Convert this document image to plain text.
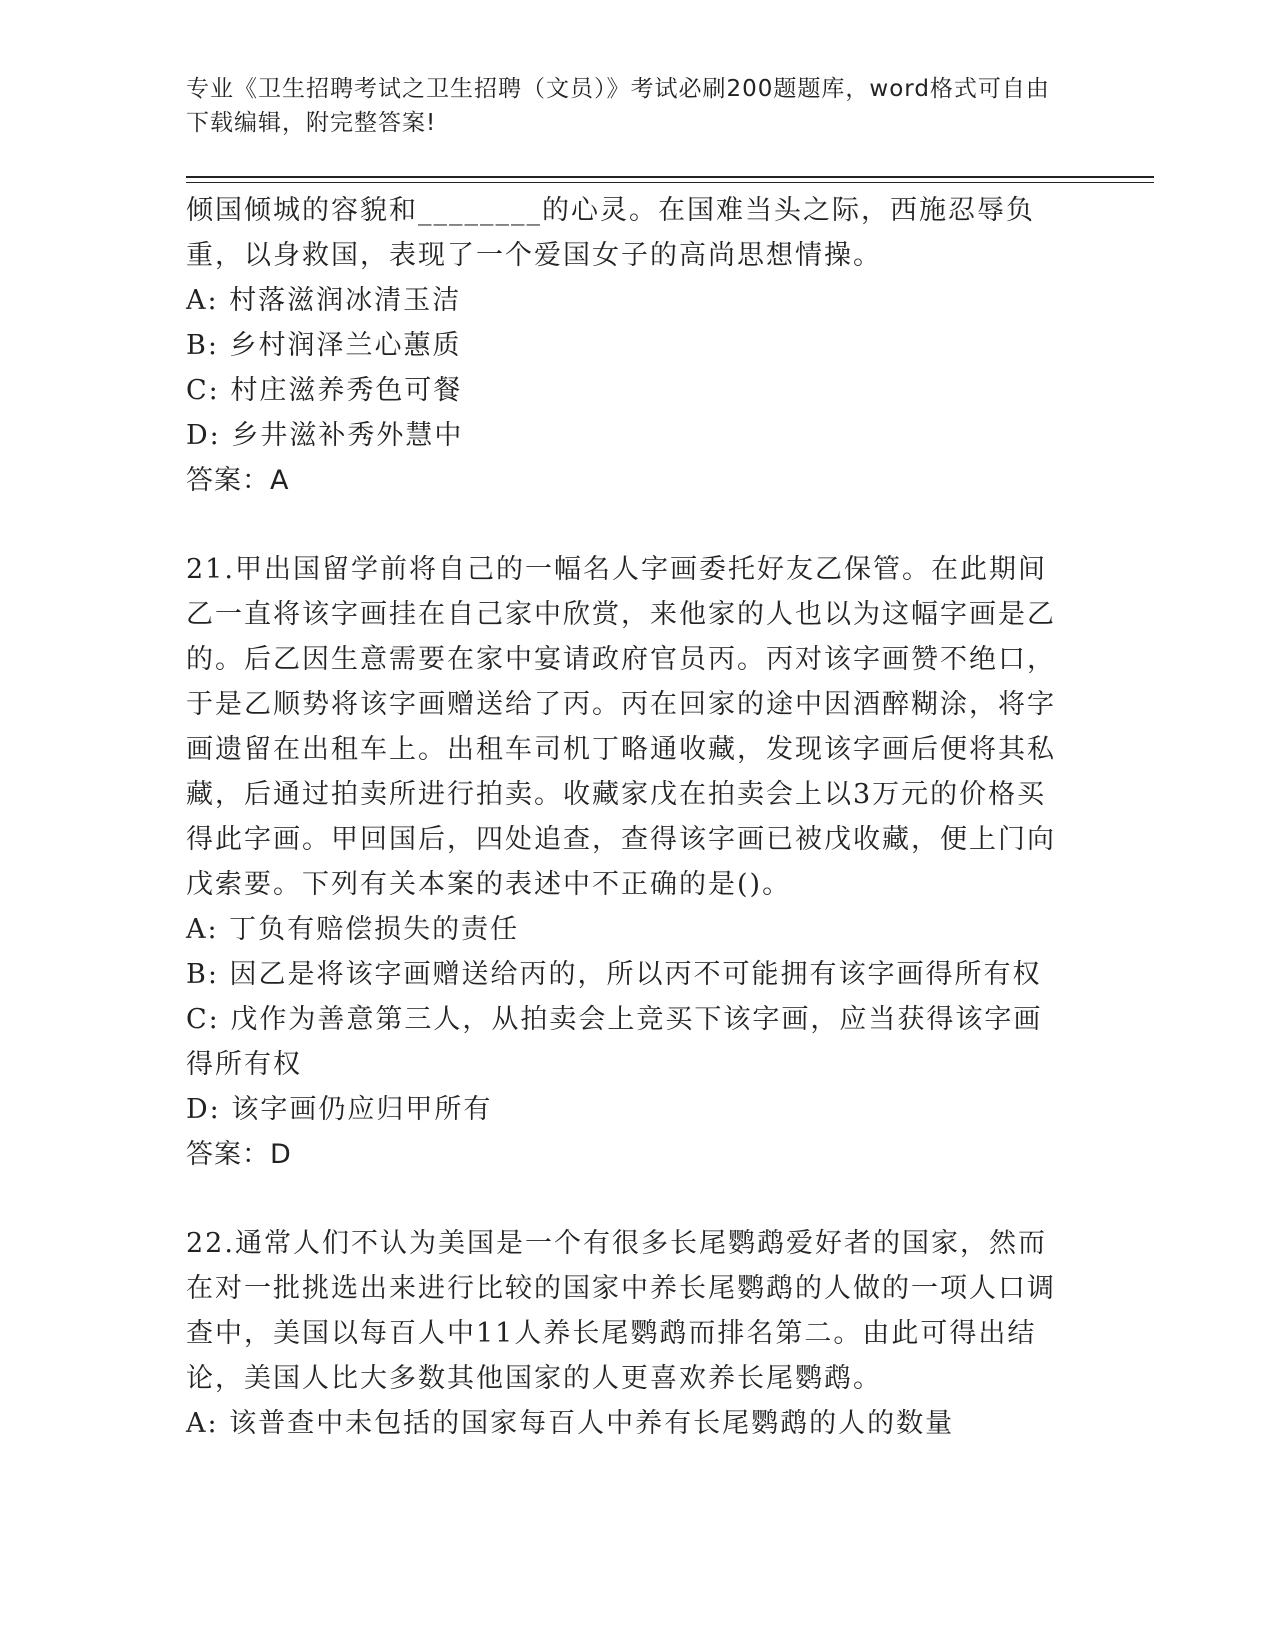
专业《卫生招聘考试之卫生招聘（文员）》考试必刷200题题库，word格式可自由下载编辑，附完整答案!

倾国倾城的容貌和________的心灵。在国难当头之际，西施忍辱负重，以身救国，表现了一个爱国女子的高尚思想情操。

A: 村落滋润冰清玉洁

B: 乡村润泽兰心蕙质

C: 村庄滋养秀色可餐

D: 乡井滋补秀外慧中

答案：A

21.甲出国留学前将自己的一幅名人字画委托好友乙保管。在此期间乙一直将该字画挂在自己家中欣赏，来他家的人也以为这幅字画是乙的。后乙因生意需要在家中宴请政府官员丙。丙对该字画赞不绝口，于是乙顺势将该字画赠送给了丙。丙在回家的途中因酒醉糊涂，将字画遗留在出租车上。出租车司机丁略通收藏，发现该字画后便将其私藏，后通过拍卖所进行拍卖。收藏家戊在拍卖会上以3万元的价格买得此字画。甲回国后，四处追查，查得该字画已被戊收藏，便上门向戊索要。下列有关本案的表述中不正确的是()。

A: 丁负有赔偿损失的责任

B: 因乙是将该字画赠送给丙的，所以丙不可能拥有该字画得所有权

C: 戊作为善意第三人，从拍卖会上竞买下该字画，应当获得该字画得所有权

D: 该字画仍应归甲所有

答案：D

22.通常人们不认为美国是一个有很多长尾鹦鹉爱好者的国家，然而在对一批挑选出来进行比较的国家中养长尾鹦鹉的人做的一项人口调查中，美国以每百人中11人养长尾鹦鹉而排名第二。由此可得出结论，美国人比大多数其他国家的人更喜欢养长尾鹦鹉。

A: 该普查中未包括的国家每百人中养有长尾鹦鹉的人的数量
